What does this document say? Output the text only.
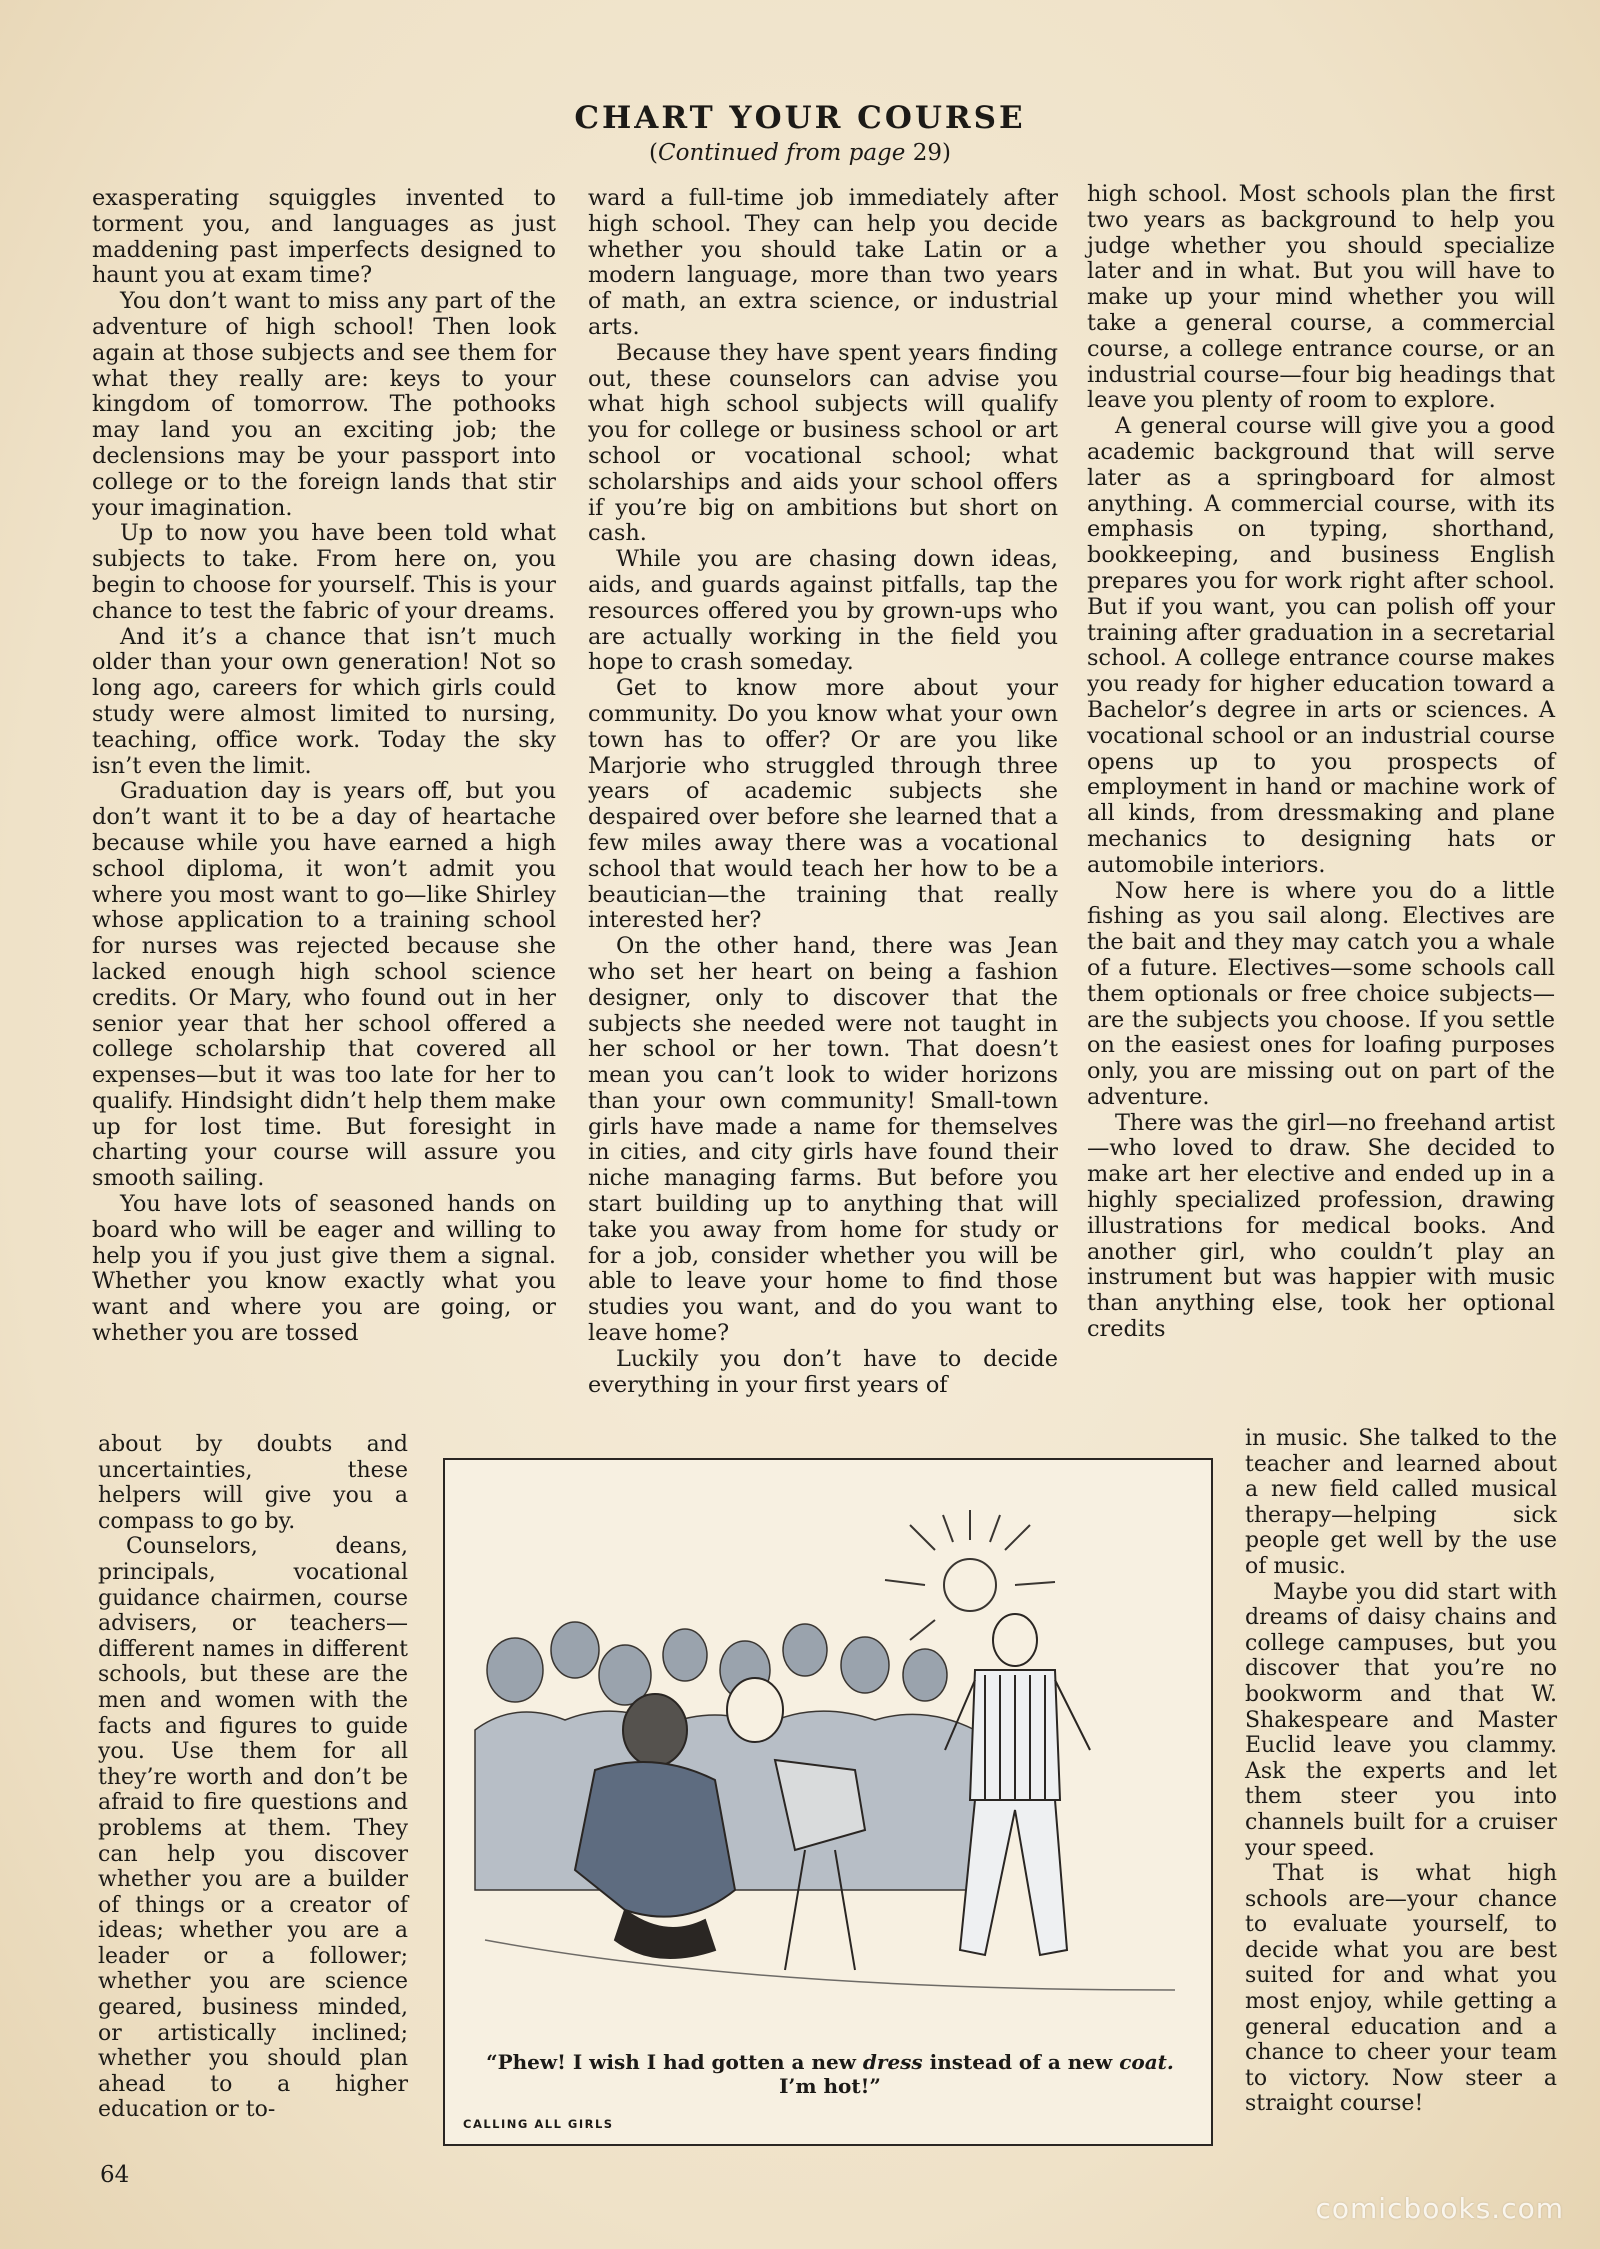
CHART YOUR COURSE
(Continued from page 29)

exasperating squiggles invented to torment you, and languages as just maddening past imperfects designed to haunt you at exam time?

You don’t want to miss any part of the adventure of high school! Then look again at those subjects and see them for what they really are: keys to your kingdom of tomorrow. The pothooks may land you an exciting job; the declensions may be your passport into college or to the foreign lands that stir your imagination.

Up to now you have been told what subjects to take. From here on, you begin to choose for yourself. This is your chance to test the fabric of your dreams.

And it’s a chance that isn’t much older than your own generation! Not so long ago, careers for which girls could study were almost limited to nursing, teaching, office work. Today the sky isn’t even the limit.

Graduation day is years off, but you don’t want it to be a day of heartache because while you have earned a high school diploma, it won’t admit you where you most want to go—like Shirley whose application to a training school for nurses was rejected because she lacked enough high school science credits. Or Mary, who found out in her senior year that her school offered a college scholarship that covered all expenses—but it was too late for her to qualify. Hindsight didn’t help them make up for lost time. But foresight in charting your course will assure you smooth sailing.

You have lots of seasoned hands on board who will be eager and willing to help you if you just give them a signal. Whether you know exactly what you want and where you are going, or whether you are tossed

about by doubts and uncertainties, these helpers will give you a compass to go by.

Counselors, deans, principals, vocational guidance chairmen, course advisers, or teachers—different names in different schools, but these are the men and women with the facts and figures to guide you. Use them for all they’re worth and don’t be afraid to fire questions and problems at them. They can help you discover whether you are a builder of things or a creator of ideas; whether you are a leader or a follower; whether you are science geared, business minded, or artistically inclined; whether you should plan ahead to a higher education or to-

ward a full-time job immediately after high school. They can help you decide whether you should take Latin or a modern language, more than two years of math, an extra science, or industrial arts.

Because they have spent years finding out, these counselors can advise you what high school subjects will qualify you for college or business school or art school or vocational school; what scholarships and aids your school offers if you’re big on ambitions but short on cash.

While you are chasing down ideas, aids, and guards against pitfalls, tap the resources offered you by grown-ups who are actually working in the field you hope to crash someday.

Get to know more about your community. Do you know what your own town has to offer? Or are you like Marjorie who struggled through three years of academic subjects she despaired over before she learned that a few miles away there was a vocational school that would teach her how to be a beautician—the training that really interested her?

On the other hand, there was Jean who set her heart on being a fashion designer, only to discover that the subjects she needed were not taught in her school or her town. That doesn’t mean you can’t look to wider horizons than your own community! Small-town girls have made a name for themselves in cities, and city girls have found their niche managing farms. But before you start building up to anything that will take you away from home for study or for a job, consider whether you will be able to leave your home to find those studies you want, and do you want to leave home?

Luckily you don’t have to decide everything in your first years of

high school. Most schools plan the first two years as background to help you judge whether you should specialize later and in what. But you will have to make up your mind whether you will take a general course, a commercial course, a college entrance course, or an industrial course—four big headings that leave you plenty of room to explore.

A general course will give you a good academic background that will serve later as a springboard for almost anything. A commercial course, with its emphasis on typing, shorthand, bookkeeping, and business English prepares you for work right after school. But if you want, you can polish off your training after graduation in a secretarial school. A college entrance course makes you ready for higher education toward a Bachelor’s degree in arts or sciences. A vocational school or an industrial course opens up to you prospects of employment in hand or machine work of all kinds, from dressmaking and plane mechanics to designing hats or automobile interiors.

Now here is where you do a little fishing as you sail along. Electives are the bait and they may catch you a whale of a future. Electives—some schools call them optionals or free choice subjects—are the subjects you choose. If you settle on the easiest ones for loafing purposes only, you are missing out on part of the adventure.

There was the girl—no freehand artist—who loved to draw. She decided to make art her elective and ended up in a highly specialized profession, drawing illustrations for medical books. And another girl, who couldn’t play an instrument but was happier with music than anything else, took her optional credits

in music. She talked to the teacher and learned about a new field called musical therapy—helping sick people get well by the use of music.

Maybe you did start with dreams of daisy chains and college campuses, but you discover that you’re no bookworm and that W. Shakespeare and Master Euclid leave you clammy. Ask the experts and let them steer you into channels built for a cruiser your speed.

That is what high schools are—your chance to evaluate yourself, to decide what you are best suited for and what you most enjoy, while getting a general education and a chance to cheer your team to victory. Now steer a straight course!

“Phew! I wish I had gotten a new dress instead of a new coat. I’m hot!”
CALLING ALL GIRLS
64
comicbooks.com
